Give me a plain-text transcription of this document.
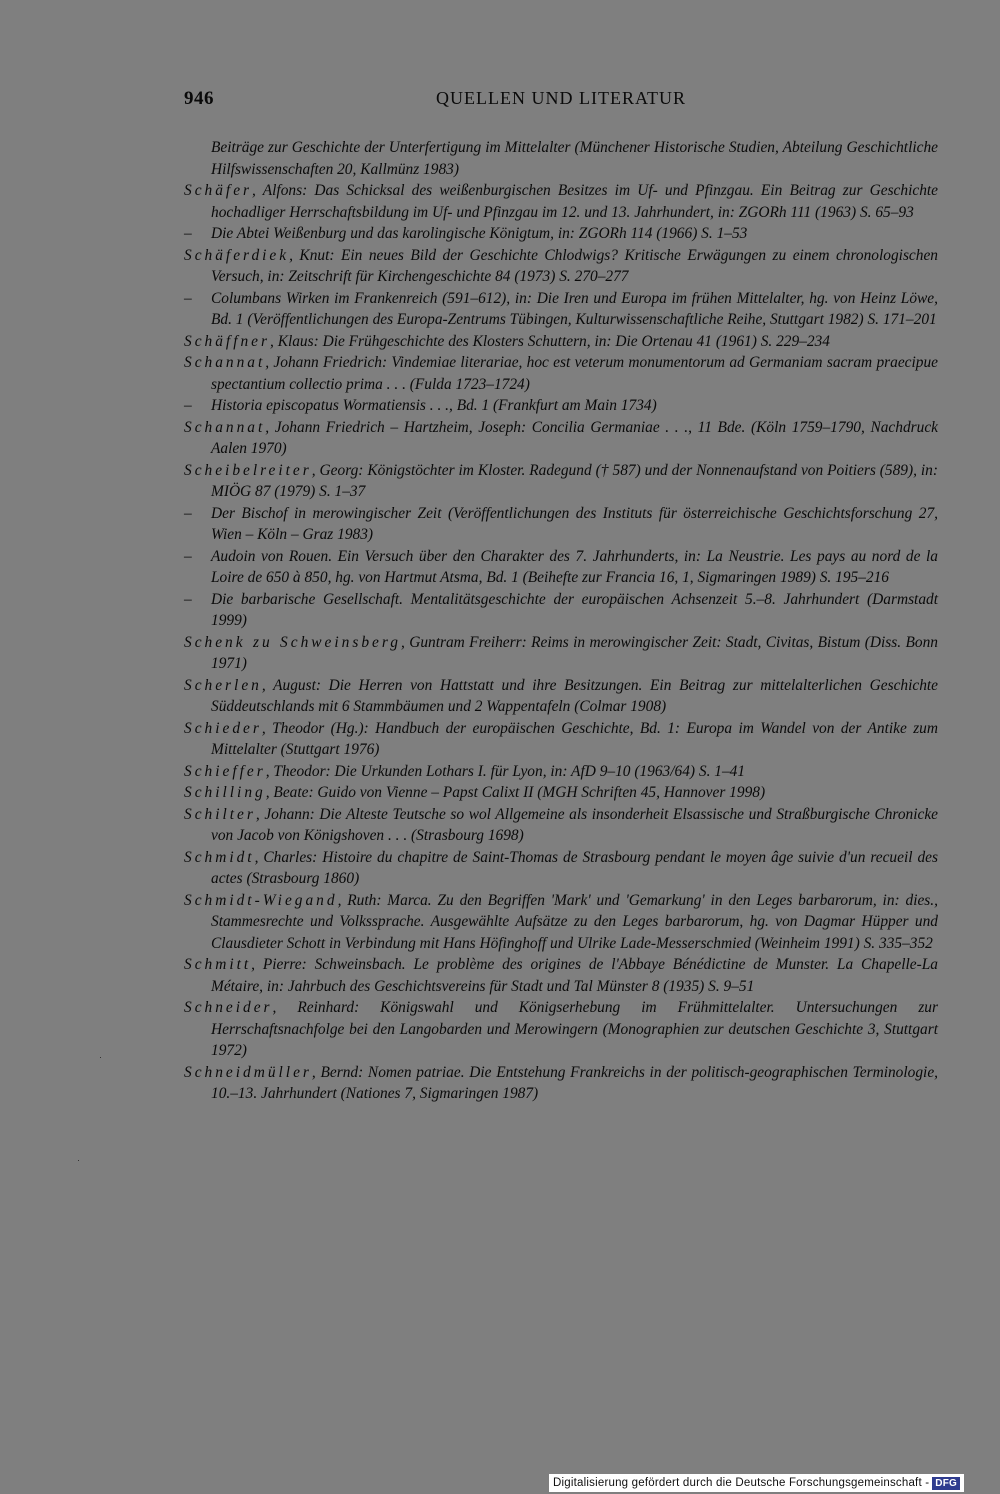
946	QUELLEN UND LITERATUR
Beiträge zur Geschichte der Unterfertigung im Mittelalter (Münchener Historische Studien, Abteilung Geschichtliche Hilfswissenschaften 20, Kallmünz 1983)
Schäfer, Alfons: Das Schicksal des weißenburgischen Besitzes im Uf- und Pfinzgau. Ein Beitrag zur Geschichte hochadliger Herrschaftsbildung im Uf- und Pfinzgau im 12. und 13. Jahrhundert, in: ZGORh 111 (1963) S. 65–93
– Die Abtei Weißenburg und das karolingische Königtum, in: ZGORh 114 (1966) S. 1–53
Schäferdiek, Knut: Ein neues Bild der Geschichte Chlodwigs? Kritische Erwägungen zu einem chronologischen Versuch, in: Zeitschrift für Kirchengeschichte 84 (1973) S. 270–277
– Columbans Wirken im Frankenreich (591–612), in: Die Iren und Europa im frühen Mittelalter, hg. von Heinz Löwe, Bd. 1 (Veröffentlichungen des Europa-Zentrums Tübingen, Kulturwissenschaftliche Reihe, Stuttgart 1982) S. 171–201
Schäffner, Klaus: Die Frühgeschichte des Klosters Schuttern, in: Die Ortenau 41 (1961) S. 229–234
Schannat, Johann Friedrich: Vindemiae literariae, hoc est veterum monumentorum ad Germaniam sacram praecipue spectantium collectio prima . . . (Fulda 1723–1724)
– Historia episcopatus Wormatiensis . . ., Bd. 1 (Frankfurt am Main 1734)
Schannat, Johann Friedrich – Hartzheim, Joseph: Concilia Germaniae . . ., 11 Bde. (Köln 1759–1790, Nachdruck Aalen 1970)
Scheibelreiter, Georg: Königstöchter im Kloster. Radegund († 587) und der Nonnenaufstand von Poitiers (589), in: MIÖG 87 (1979) S. 1–37
– Der Bischof in merowingischer Zeit (Veröffentlichungen des Instituts für österreichische Geschichtsforschung 27, Wien – Köln – Graz 1983)
– Audoin von Rouen. Ein Versuch über den Charakter des 7. Jahrhunderts, in: La Neustrie. Les pays au nord de la Loire de 650 à 850, hg. von Hartmut Atsma, Bd. 1 (Beihefte zur Francia 16, 1, Sigmaringen 1989) S. 195–216
– Die barbarische Gesellschaft. Mentalitätsgeschichte der europäischen Achsenzeit 5.–8. Jahrhundert (Darmstadt 1999)
Schenk zu Schweinsberg, Guntram Freiherr: Reims in merowingischer Zeit: Stadt, Civitas, Bistum (Diss. Bonn 1971)
Scherlen, August: Die Herren von Hattstatt und ihre Besitzungen. Ein Beitrag zur mittelalterlichen Geschichte Süddeutschlands mit 6 Stammbäumen und 2 Wappentafeln (Colmar 1908)
Schieder, Theodor (Hg.): Handbuch der europäischen Geschichte, Bd. 1: Europa im Wandel von der Antike zum Mittelalter (Stuttgart 1976)
Schieffer, Theodor: Die Urkunden Lothars I. für Lyon, in: AfD 9–10 (1963/64) S. 1–41
Schilling, Beate: Guido von Vienne – Papst Calixt II (MGH Schriften 45, Hannover 1998)
Schilter, Johann: Die Alteste Teutsche so wol Allgemeine als insonderheit Elsassische und Straßburgische Chronicke von Jacob von Königshoven . . . (Strasbourg 1698)
Schmidt, Charles: Histoire du chapitre de Saint-Thomas de Strasbourg pendant le moyen âge suivie d'un recueil des actes (Strasbourg 1860)
Schmidt-Wiegand, Ruth: Marca. Zu den Begriffen 'Mark' und 'Gemarkung' in den Leges barbarorum, in: dies., Stammesrechte und Volkssprache. Ausgewählte Aufsätze zu den Leges barbarorum, hg. von Dagmar Hüpper und Clausdieter Schott in Verbindung mit Hans Höfinghoff und Ulrike Lade-Messerschmied (Weinheim 1991) S. 335–352
Schmitt, Pierre: Schweinsbach. Le problème des origines de l'Abbaye Bénédictine de Munster. La Chapelle-La Métaire, in: Jahrbuch des Geschichtsvereins für Stadt und Tal Münster 8 (1935) S. 9–51
Schneider, Reinhard: Königswahl und Königserhebung im Frühmittelalter. Untersuchungen zur Herrschaftsnachfolge bei den Langobarden und Merowingern (Monographien zur deutschen Geschichte 3, Stuttgart 1972)
Schneidmüller, Bernd: Nomen patriae. Die Entstehung Frankreichs in der politisch-geographischen Terminologie, 10.–13. Jahrhundert (Nationes 7, Sigmaringen 1987)
Digitalisierung gefördert durch die Deutsche Forschungsgemeinschaft - DFG
